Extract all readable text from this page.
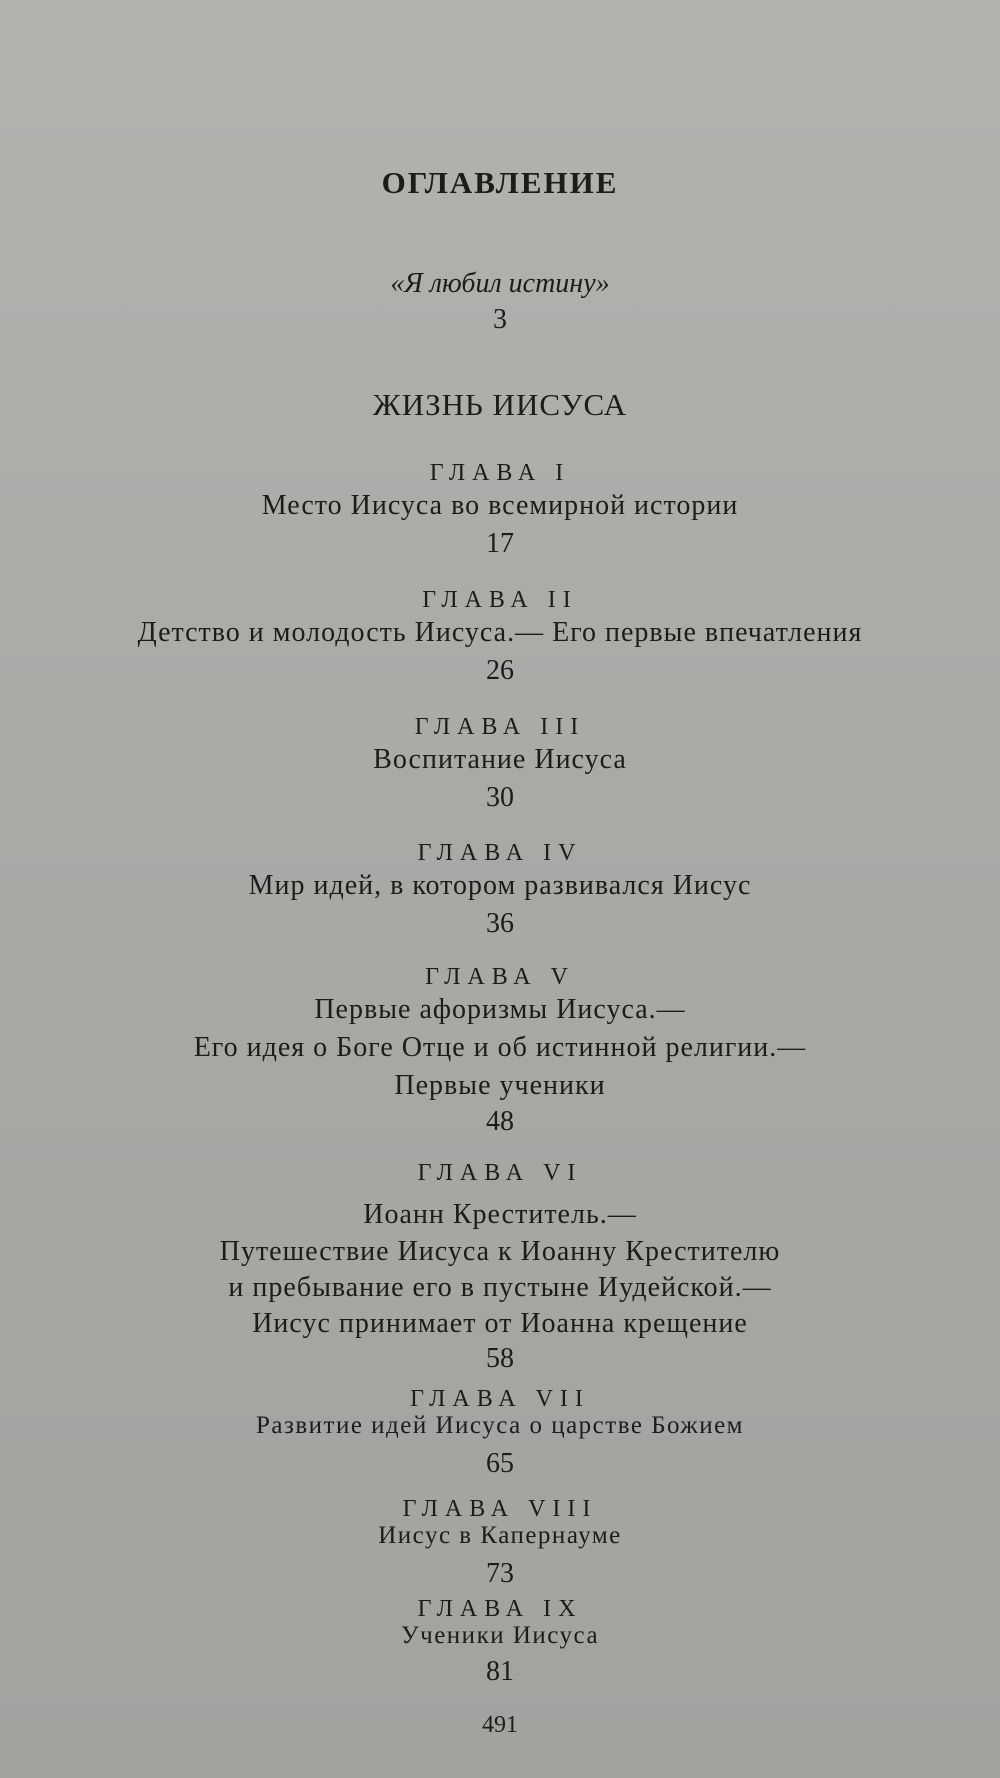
ОГЛАВЛЕНИЕ
«Я любил истину»
3
ЖИЗНЬ ИИСУСА
ГЛАВА I
Место Иисуса во всемирной истории
17
ГЛАВА II
Детство и молодость Иисуса.— Его первые впечатления
26
ГЛАВА III
Воспитание Иисуса
30
ГЛАВА IV
Мир идей, в котором развивался Иисус
36
ГЛАВА V
Первые афоризмы Иисуса.—
Его идея о Боге Отце и об истинной религии.—
Первые ученики
48
ГЛАВА VI
Иоанн Креститель.—
Путешествие Иисуса к Иоанну Крестителю
и пребывание его в пустыне Иудейской.—
Иисус принимает от Иоанна крещение
58
ГЛАВА VII
Развитие идей Иисуса о царстве Божием
65
ГЛАВА VIII
Иисус в Капернауме
73
ГЛАВА IX
Ученики Иисуса
81
491
